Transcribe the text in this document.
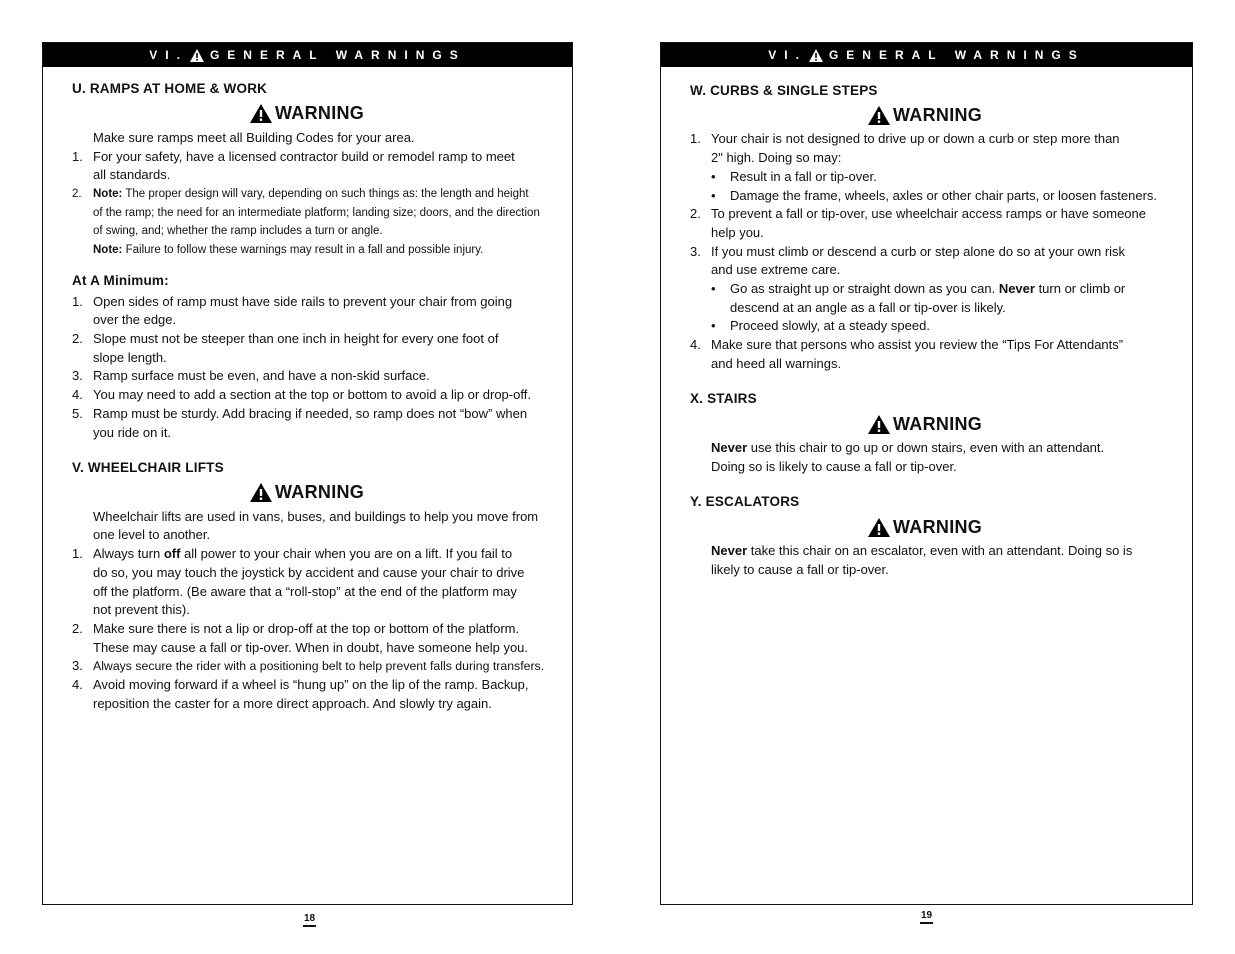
VI. GENERAL WARNINGS
U. RAMPS AT HOME & WORK
WARNING
Make sure ramps meet all Building Codes for your area.
1. For your safety, have a licensed contractor build or remodel ramp to meet
all standards.
2. Note: The proper design will vary, depending on such things as: the length and height
of the ramp; the need for an intermediate platform; landing size; doors, and the direction
of swing, and; whether the ramp includes a turn or angle.
Note: Failure to follow these warnings may result in a fall and possible injury.
At A Minimum:
1. Open sides of ramp must have side rails to prevent your chair from going
over the edge.
2. Slope must not be steeper than one inch in height for every one foot of
slope length.
3. Ramp surface must be even, and have a non-skid surface.
4. You may need to add a section at the top or bottom to avoid a lip or drop-off.
5. Ramp must be sturdy. Add bracing if needed, so ramp does not “bow” when
you ride on it.
V. WHEELCHAIR LIFTS
WARNING
Wheelchair lifts are used in vans, buses, and buildings to help you move from
one level to another.
1. Always turn off all power to your chair when you are on a lift. If you fail to
do so, you may touch the joystick by accident and cause your chair to drive
off the platform. (Be aware that a “roll-stop” at the end of the platform may
not prevent this).
2. Make sure there is not a lip or drop-off at the top or bottom of the platform.
These may cause a fall or tip-over. When in doubt, have someone help you.
3. Always secure the rider with a positioning belt to help prevent falls during transfers.
4. Avoid moving forward if a wheel is “hung up” on the lip of the ramp. Backup,
reposition the caster for a more direct approach. And slowly try again.
18
VI. GENERAL WARNINGS
W. CURBS & SINGLE STEPS
WARNING
1. Your chair is not designed to drive up or down a curb or step more than
2" high. Doing so may:
• Result in a fall or tip-over.
• Damage the frame, wheels, axles or other chair parts, or loosen fasteners.
2. To prevent a fall or tip-over, use wheelchair access ramps or have someone
help you.
3. If you must climb or descend a curb or step alone do so at your own risk
and use extreme care.
• Go as straight up or straight down as you can. Never turn or climb or
descend at an angle as a fall or tip-over is likely.
• Proceed slowly, at a steady speed.
4. Make sure that persons who assist you review the “Tips For Attendants”
and heed all warnings.
X. STAIRS
WARNING
Never use this chair to go up or down stairs, even with an attendant.
Doing so is likely to cause a fall or tip-over.
Y. ESCALATORS
WARNING
Never take this chair on an escalator, even with an attendant. Doing so is
likely to cause a fall or tip-over.
19
